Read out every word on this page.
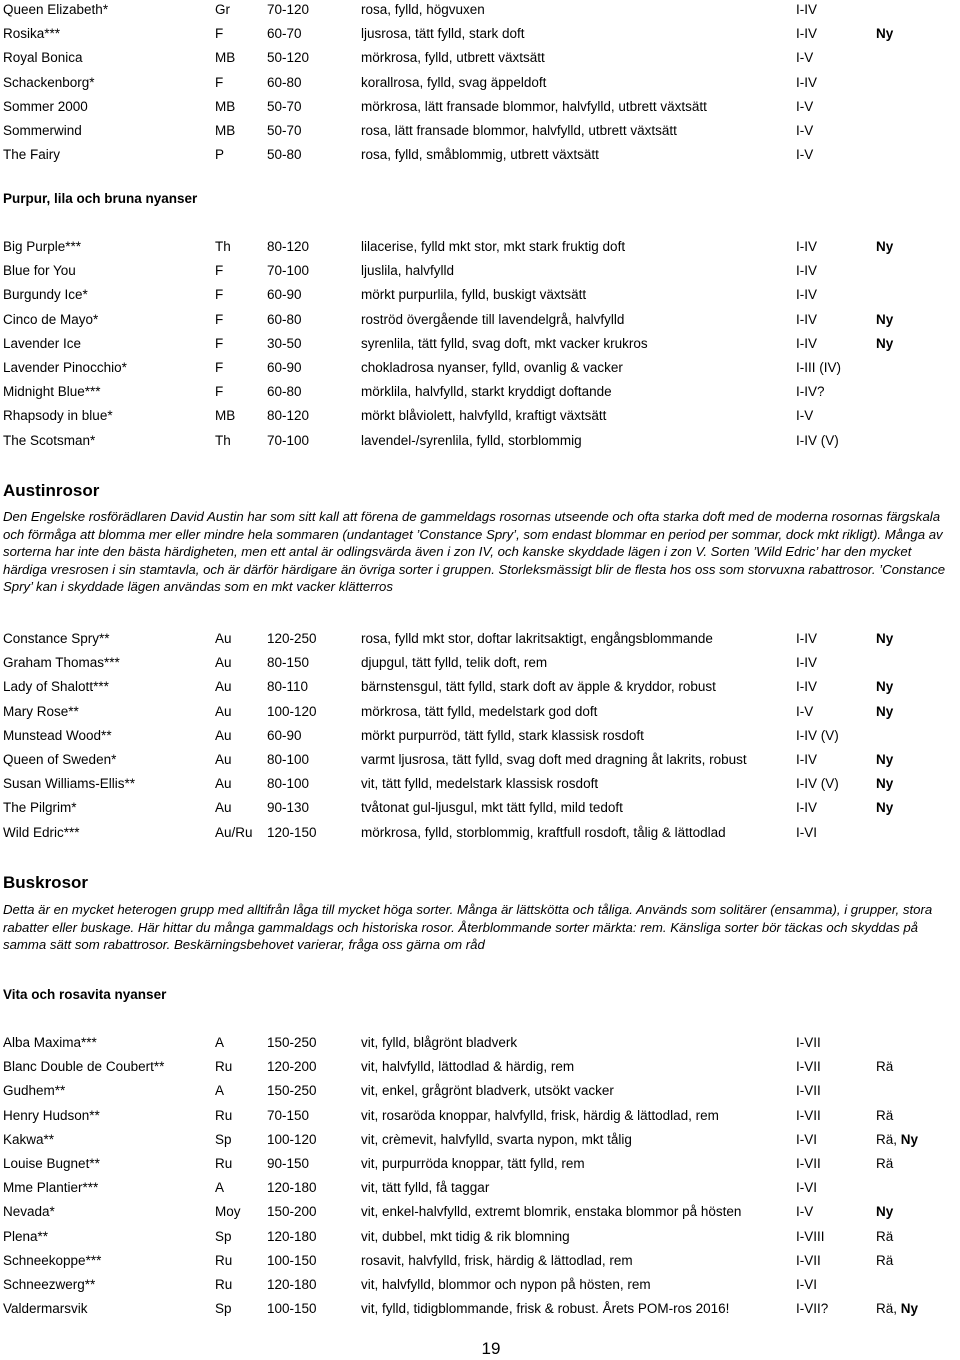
Queen Elizabeth*	Gr	70-120	rosa, fylld, högvuxen	I-IV
Rosika***	F	60-70	ljusrosa, tätt fylld, stark doft	I-IV	Ny
Royal Bonica	MB 50-120	mörkrosa, fylld, utbrett växtsätt	I-V
Schackenborg*	F	60-80	korallrosa, fylld, svag äppeldoft	I-IV
Sommer 2000	MB 50-70	mörkrosa, lätt fransade blommor, halvfylld, utbrett växtsätt	I-V
Sommerwind	MB 50-70	rosa, lätt fransade blommor, halvfylld, utbrett växtsätt	I-V
The Fairy	P	50-80	rosa, fylld, småblommig, utbrett växtsätt	I-V
Purpur, lila och bruna nyanser
Big Purple***	Th	80-120	lilacerise, fylld mkt stor, mkt stark fruktig doft	I-IV	Ny
Blue for You	F	70-100	ljuslila, halvfylld	I-IV
Burgundy Ice*	F	60-90	mörkt purpurlila, fylld, buskigt växtsätt	I-IV
Cinco de Mayo*	F	60-80	roströd övergående till lavendelgrå, halvfylld	I-IV	Ny
Lavender Ice	F	30-50	syrenlila, tätt fylld, svag doft, mkt vacker krukros	I-IV	Ny
Lavender Pinocchio*	F	60-90	chokladrosa nyanser, fylld, ovanlig & vacker	I-III (IV)
Midnight Blue***	F	60-80	mörklila, halvfylld, starkt kryddigt doftande	I-IV?
Rhapsody in blue*	MB 80-120	mörkt blåviolett, halvfylld, kraftigt växtsätt	I-V
The Scotsman*	Th	70-100	lavendel-/syrenlila, fylld, storblommig	I-IV (V)
Austinrosor
Den Engelske rosförädlaren David Austin har som sitt kall att förena de gammeldags rosornas utseende och ofta starka doft med de moderna rosornas färgskala och förmåga att blomma mer eller mindre hela sommaren (undantaget ’Constance Spry’, som endast blommar en period per sommar, dock mkt rikligt). Många av sorterna har inte den bästa härdigheten, men ett antal är odlingsvärda även i zon IV, och kanske skyddade lägen i zon V. Sorten ’Wild Edric’ har den mycket härdiga vresrosen i sin stamtavla, och är därför härdigare än övriga sorter i gruppen. Storleksmässigt blir de flesta hos oss som storvuxna rabattrosor. ’Constance Spry’ kan i skyddade lägen användas som en mkt vacker klätterros
Constance Spry**	Au	120-250	rosa, fylld mkt stor, doftar lakritsaktigt, engångsblommande	I-IV	Ny
Graham Thomas***	Au	80-150	djupgul, tätt fylld, telik doft, rem	I-IV
Lady of Shalott***	Au	80-110	bärnstensgul, tätt fylld, stark doft av äpple & kryddor, robust	I-IV	Ny
Mary Rose**	Au	100-120	mörkrosa, tätt fylld, medelstark god doft	I-V	Ny
Munstead Wood**	Au	60-90	mörkt purpurröd, tätt fylld, stark klassisk rosdoft	I-IV (V)
Queen of Sweden*	Au	80-100	varmt ljusrosa, tätt fylld, svag doft med dragning åt lakrits, robust	I-IV	Ny
Susan Williams-Ellis**	Au	80-100	vit, tätt fylld, medelstark klassisk rosdoft	I-IV (V)	Ny
The Pilgrim*	Au	90-130	tvåtonat gul-ljusgul, mkt tätt fylld, mild tedoft	I-IV	Ny
Wild Edric***	Au/Ru 120-150	mörkrosa, fylld, storblommig, kraftfull rosdoft, tålig & lättodlad	I-VI
Buskrosor
Detta är en mycket heterogen grupp med alltifrån låga till mycket höga sorter. Många är lättskötta och tåliga. Används som solitärer (ensamma), i grupper, stora rabatter eller buskage. Här hittar du många gammaldags och historiska rosor. Återblommande sorter märkta: rem. Känsliga sorter bör täckas och skyddas på samma sätt som rabattrosor. Beskärningsbehovet varierar, fråga oss gärna om råd
Vita och rosavita nyanser
Alba Maxima***	A	150-250	vit, fylld, blågrönt bladverk	I-VII
Blanc Double de Coubert**	Ru	120-200	vit, halvfylld, lättodlad & härdig, rem	I-VII	Rä
Gudhem**	A	150-250	vit, enkel, grågrönt bladverk, utsökt vacker	I-VII
Henry Hudson**	Ru	70-150	vit, rosaröda knoppar, halvfylld, frisk, härdig & lättodlad, rem	I-VII	Rä
Kakwa**	Sp	100-120	vit, crèmevit, halvfylld, svarta nypon, mkt tålig	I-VI	Rä, Ny
Louise Bugnet**	Ru	90-150	vit, purpurröda knoppar, tätt fylld, rem	I-VII	Rä
Mme Plantier***	A	120-180	vit, tätt fylld, få taggar	I-VI
Nevada*	Moy 150-200	vit, enkel-halvfylld, extremt blomrik, enstaka blommor på hösten	I-V	Ny
Plena**	Sp	120-180	vit, dubbel, mkt tidig & rik blomning	I-VIII	Rä
Schneekoppe***	Ru	100-150	rosavit, halvfylld, frisk, härdig & lättodlad, rem	I-VII	Rä
Schneezwerg**	Ru	120-180	vit, halvfylld, blommor och nypon på hösten, rem	I-VI
Valdermarsvik	Sp	100-150	vit, fylld, tidigblommande, frisk & robust. Årets POM-ros 2016!	I-VII?	Rä, Ny
19
